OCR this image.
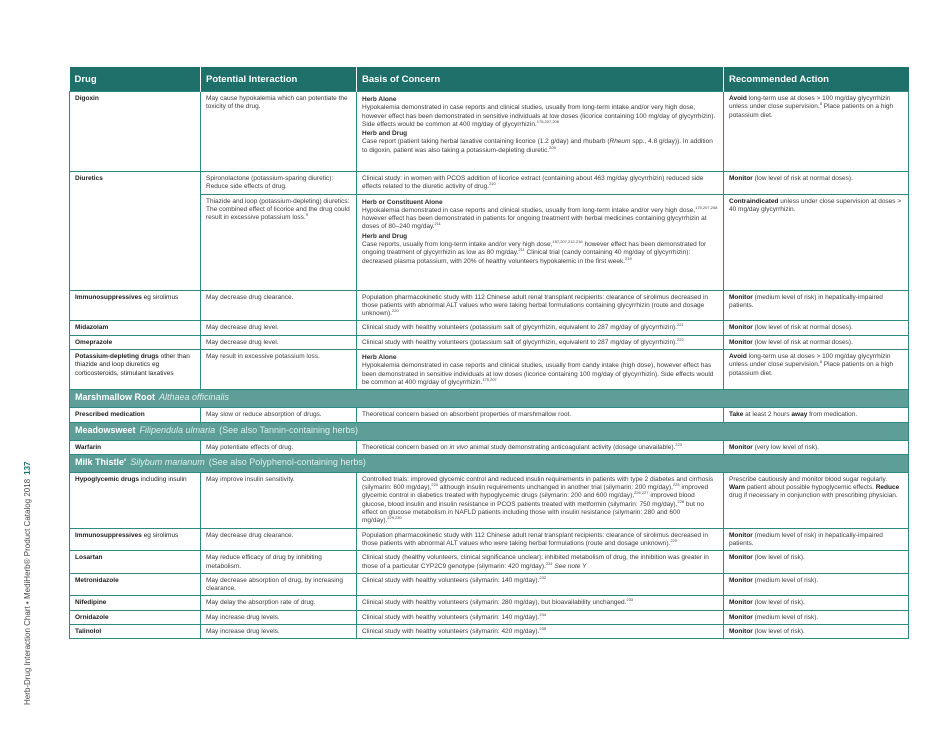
Herb-Drug Interaction Chart • MediHerb® Product Catalog 2018137
Drug	Potential Interaction	Basis of Concern	Recommended Action
Digoxin	May cause hypokalemia which can potentiate the toxicity of the drug.	Herb Alone
Hypokalemia demonstrated in case reports and clinical studies, usually from long-term intake and/or very high dose, however effect has been demonstrated in sensitive individuals at low doses (licorice containing 100 mg/day of glycyrrhizin). Side effects would be common at 400 mg/day of glycyrrhizin.$^{175,207,208}$
Herb and Drug
Case report (patient taking herbal laxative containing licorice (1.2 g/day) and rhubarb (Rheum spp., 4.8 g/day)). In addition to digoxin, patient was also taking a potassium-depleting diuretic.$^{209}$	Avoid long-term use at doses > 100 mg/day glycyrrhizin unless under close supervision.$^8$ Place patients on a high potassium diet.
Diuretics	Spironolactone (potassium-sparing diuretic): Reduce side effects of drug.	Clinical study: in women with PCOS addition of licorice extract (containing about 463 mg/day glycyrrhizin) reduced side effects related to the diuretic activity of drug.$^{210}$	Monitor (low level of risk at normal doses).
	Thiazide and loop (potassium-depleting) diuretics: The combined effect of licorice and the drug could result in excessive potassium loss.$^9$	Herb or Constituent Alone
Hypokalemia demonstrated in case reports and clinical studies, usually from long-term intake and/or very high dose,$^{175,207,208}$ however effect has been demonstrated in patients for ongoing treatment with herbal medicines containing glycyrrhizin at doses of 80–240 mg/day.$^{211}$
Herb and Drug
Case reports, usually from long-term intake and/or very high dose,$^{187,207,212-216}$ however effect has been demonstrated for ongoing treatment of glycyrrhizin as low as 80 mg/day.$^{211}$ Clinical trial (candy containing 40 mg/day of glycyrrhizin): decreased plasma potassium, with 20% of healthy volunteers hypokalemic in the first week.$^{219}$	Contraindicated unless under close supervision at doses > 40 mg/day glycyrrhizin.
Immunosuppressives eg sirolimus	May decrease drug clearance.	Population pharmacokinetic study with 112 Chinese adult renal transplant recipients: clearance of sirolimus decreased in those patients with abnormal ALT values who were taking herbal formulations containing glycyrrhizin (route and dosage unknown).$^{220}$	Monitor (medium level of risk) in hepatically-impaired patients.
Midazolam	May decrease drug level.	Clinical study with healthy volunteers (potassium salt of glycyrrhizin, equivalent to 287 mg/day of glycyrrhizin).$^{221}$	Monitor (low level of risk at normal doses).
Omeprazole	May decrease drug level.	Clinical study with healthy volunteers (potassium salt of glycyrrhizin, equivalent to 287 mg/day of glycyrrhizin).$^{222}$	Monitor (low level of risk at normal doses).
Potassium-depleting drugs other than thiazide and loop diuretics eg corticosteroids, stimulant laxatives	May result in excessive potassium loss.	Herb Alone
Hypokalemia demonstrated in case reports and clinical studies, usually from candy intake (high dose), however effect has been demonstrated in sensitive individuals at low doses (licorice containing 100 mg/day of glycyrrhizin). Side effects would be common at 400 mg/day of glycyrrhizin.$^{175,207}$	Avoid long-term use at doses > 100 mg/day glycyrrhizin unless under close supervision.$^8$ Place patients on a high potassium diet.
Marshmallow Root Althaea officinalis			
Prescribed medication	May slow or reduce absorption of drugs.	Theoretical concern based on absorbent properties of marshmallow root.	Take at least 2 hours away from medication.
Meadowsweet Filipendula ulmaria (See also Tannin-containing herbs)			
Warfarin	May potentiate effects of drug.	Theoretical concern based on in vivo animal study demonstrating anticoagulant activity (dosage unavailable).$^{223}$	Monitor (very low level of risk).
Milk Thistle$^8$ Silybum marianum (See also Polyphenol-containing herbs)			
Hypoglycemic drugs including insulin	May improve insulin sensitivity.	Controlled trials: improved glycemic control and reduced insulin requirements in patients with type 2 diabetes and cirrhosis (silymarin: 600 mg/day),$^{224}$ although insulin requirements unchanged in another trial (silymarin: 200 mg/day),$^{225}$ improved glycemic control in diabetics treated with hypoglycemic drugs (silymarin: 200 and 600 mg/day),$^{226,227}$ improved blood glucose, blood insulin and insulin resistance in PCOS patients treated with metformin (silymarin: 750 mg/day),$^{228}$ but no effect on glucose metabolism in NAFLD patients including those with insulin resistance (silymarin: 280 and 600 mg/day).$^{229,230}$	Prescribe cautiously and monitor blood sugar regularly. Warn patient about possible hypoglycemic effects. Reduce drug if necessary in conjunction with prescribing physician.
Immunosuppressives eg sirolimus	May decrease drug clearance.	Population pharmacokinetic study with 112 Chinese adult renal transplant recipients: clearance of sirolimus decreased in those patients with abnormal ALT values who were taking herbal formulations (route and dosage unknown).$^{220}$	Monitor (medium level of risk) in hepatically-impaired patients.
Losartan	May reduce efficacy of drug by inhibiting metabolism.	Clinical study (healthy volunteers, clinical significance unclear): inhibited metabolism of drug, the inhibition was greater in those of a particular CYP2C9 genotype (silymarin: 420 mg/day).$^{231}$ See note Y	Monitor (low level of risk).
Metronidazole	May decrease absorption of drug, by increasing clearance.	Clinical study with healthy volunteers (silymarin: 140 mg/day).$^{232}$	Monitor (medium level of risk).
Nifedipine	May delay the absorption rate of drug.	Clinical study with healthy volunteers (silymarin: 280 mg/day), but bioavailability unchanged.$^{233}$	Monitor (low level of risk).
Ornidazole	May increase drug levels.	Clinical study with healthy volunteers (silymarin: 140 mg/day).$^{234}$	Monitor (medium level of risk).
Talinolol	May increase drug levels.	Clinical study with healthy volunteers (silymarin: 420 mg/day).$^{235}$	Monitor (low level of risk).
